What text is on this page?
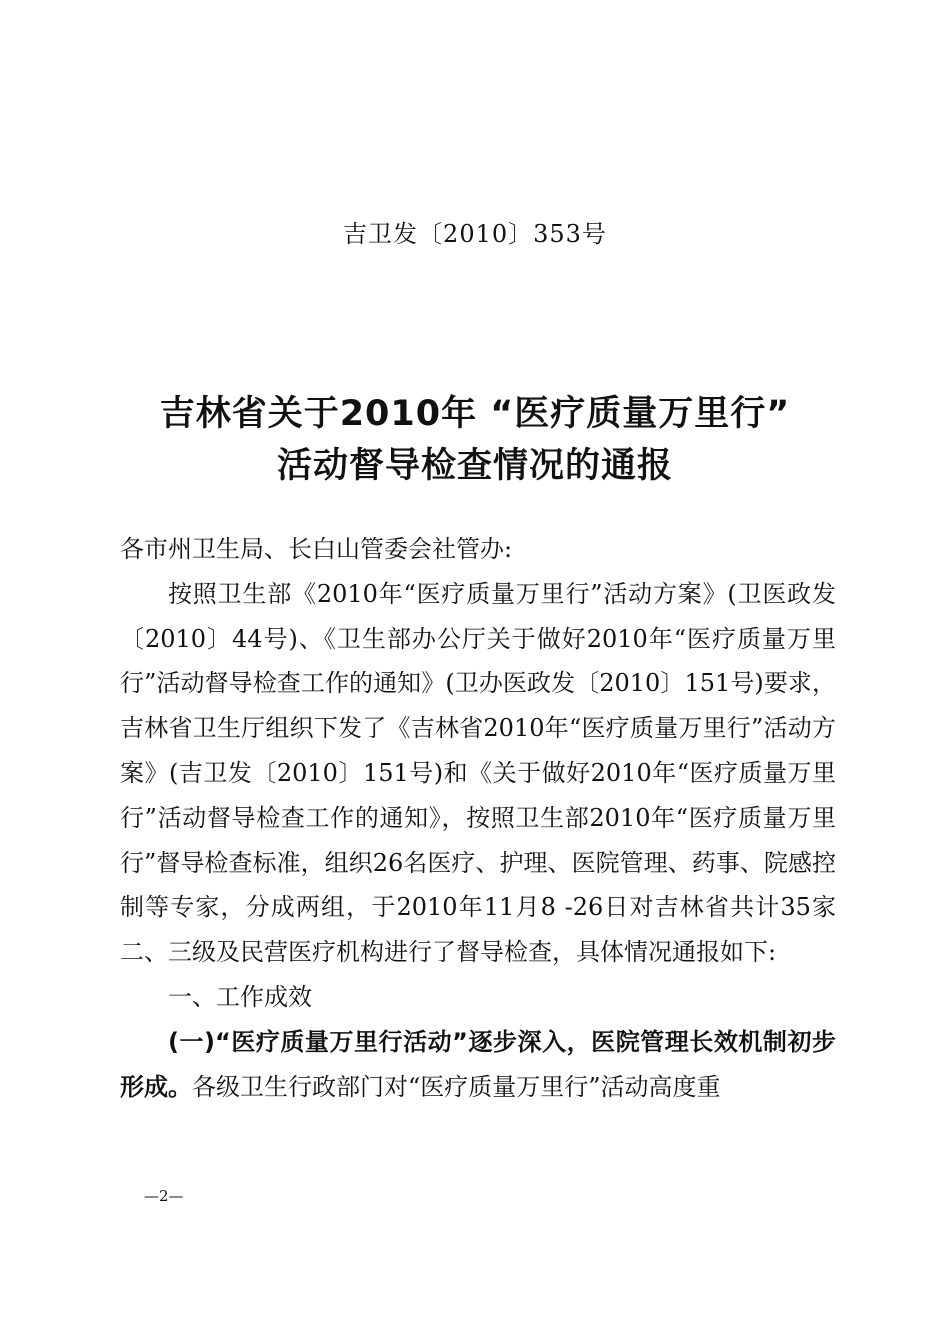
吉卫发〔2010〕353号
吉林省关于2010年 “医疗质量万里行”
活动督导检查情况的通报

各市州卫生局、长白山管委会社管办:

按照卫生部《2010年“医疗质量万里行”活动方案》(卫医政发〔2010〕44号)、《卫生部办公厅关于做好2010年“医疗质量万里行”活动督导检查工作的通知》(卫办医政发〔2010〕151号)要求，吉林省卫生厅组织下发了《吉林省2010年“医疗质量万里行”活动方案》(吉卫发〔2010〕151号)和《关于做好2010年“医疗质量万里行”活动督导检查工作的通知》，按照卫生部2010年“医疗质量万里行”督导检查标准，组织26名医疗、护理、医院管理、药事、院感控制等专家，分成两组，于2010年11月8 -26日对吉林省共计35家二、三级及民营医疗机构进行了督导检查，具体情况通报如下:

一、工作成效

(一)“医疗质量万里行活动”逐步深入，医院管理长效机制初步形成。各级卫生行政部门对“医疗质量万里行”活动高度重

—2—
